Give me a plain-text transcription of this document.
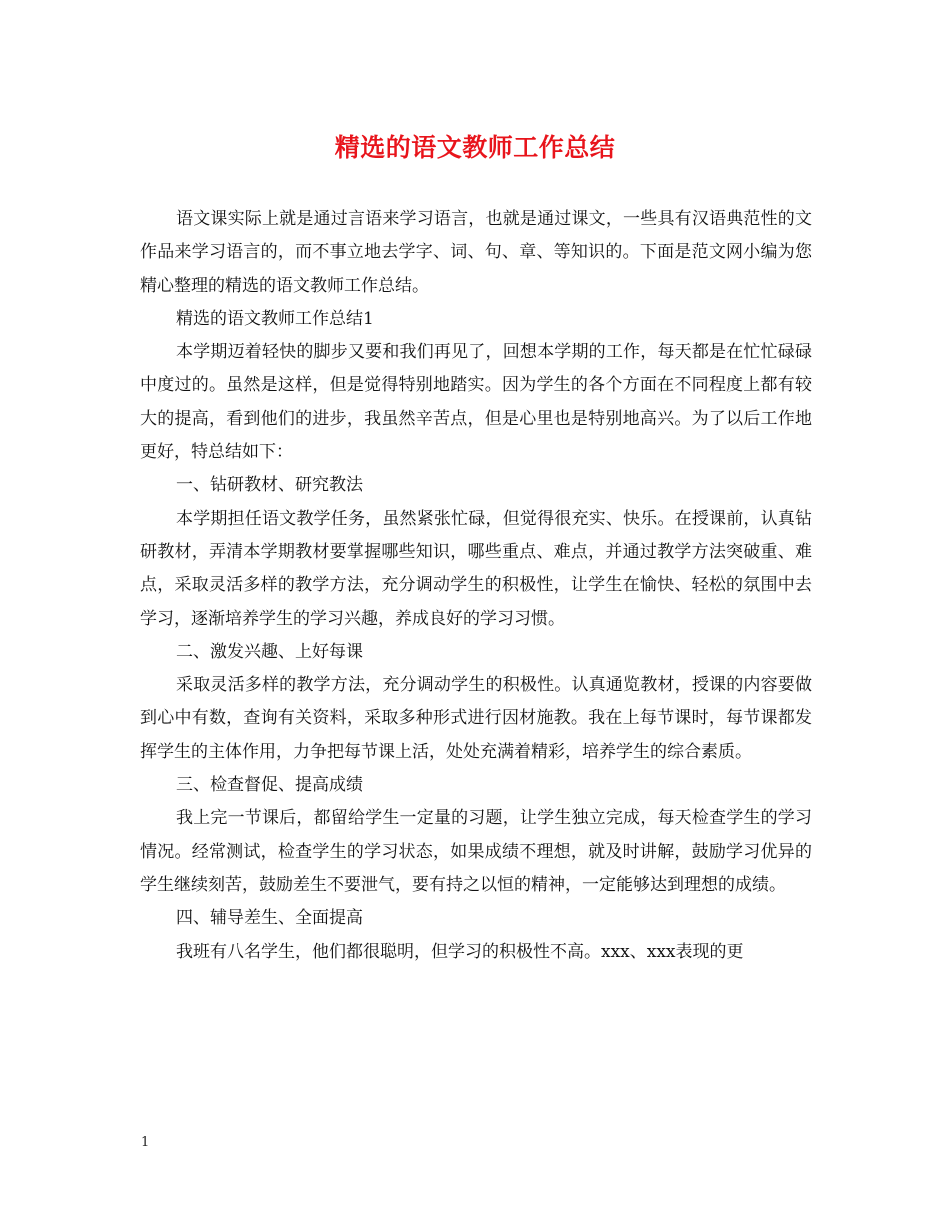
精选的语文教师工作总结

语文课实际上就是通过言语来学习语言，也就是通过课文，一些具有汉语典范性的文作品来学习语言的，而不事立地去学字、词、句、章、等知识的。下面是范文网小编为您精心整理的精选的语文教师工作总结。

精选的语文教师工作总结1

本学期迈着轻快的脚步又要和我们再见了，回想本学期的工作，每天都是在忙忙碌碌中度过的。虽然是这样，但是觉得特别地踏实。因为学生的各个方面在不同程度上都有较大的提高，看到他们的进步，我虽然辛苦点，但是心里也是特别地高兴。为了以后工作地更好，特总结如下：

一、钻研教材、研究教法

本学期担任语文教学任务，虽然紧张忙碌，但觉得很充实、快乐。在授课前，认真钻研教材，弄清本学期教材要掌握哪些知识，哪些重点、难点，并通过教学方法突破重、难点，采取灵活多样的教学方法，充分调动学生的积极性，让学生在愉快、轻松的氛围中去学习，逐渐培养学生的学习兴趣，养成良好的学习习惯。

二、激发兴趣、上好每课

采取灵活多样的教学方法，充分调动学生的积极性。认真通览教材，授课的内容要做到心中有数，查询有关资料，采取多种形式进行因材施教。我在上每节课时，每节课都发挥学生的主体作用，力争把每节课上活，处处充满着精彩，培养学生的综合素质。

三、检查督促、提高成绩

我上完一节课后，都留给学生一定量的习题，让学生独立完成，每天检查学生的学习情况。经常测试，检查学生的学习状态，如果成绩不理想，就及时讲解，鼓励学习优异的学生继续刻苦，鼓励差生不要泄气，要有持之以恒的精神，一定能够达到理想的成绩。

四、辅导差生、全面提高

我班有八名学生，他们都很聪明，但学习的积极性不高。xxx、xxx表现的更

1
